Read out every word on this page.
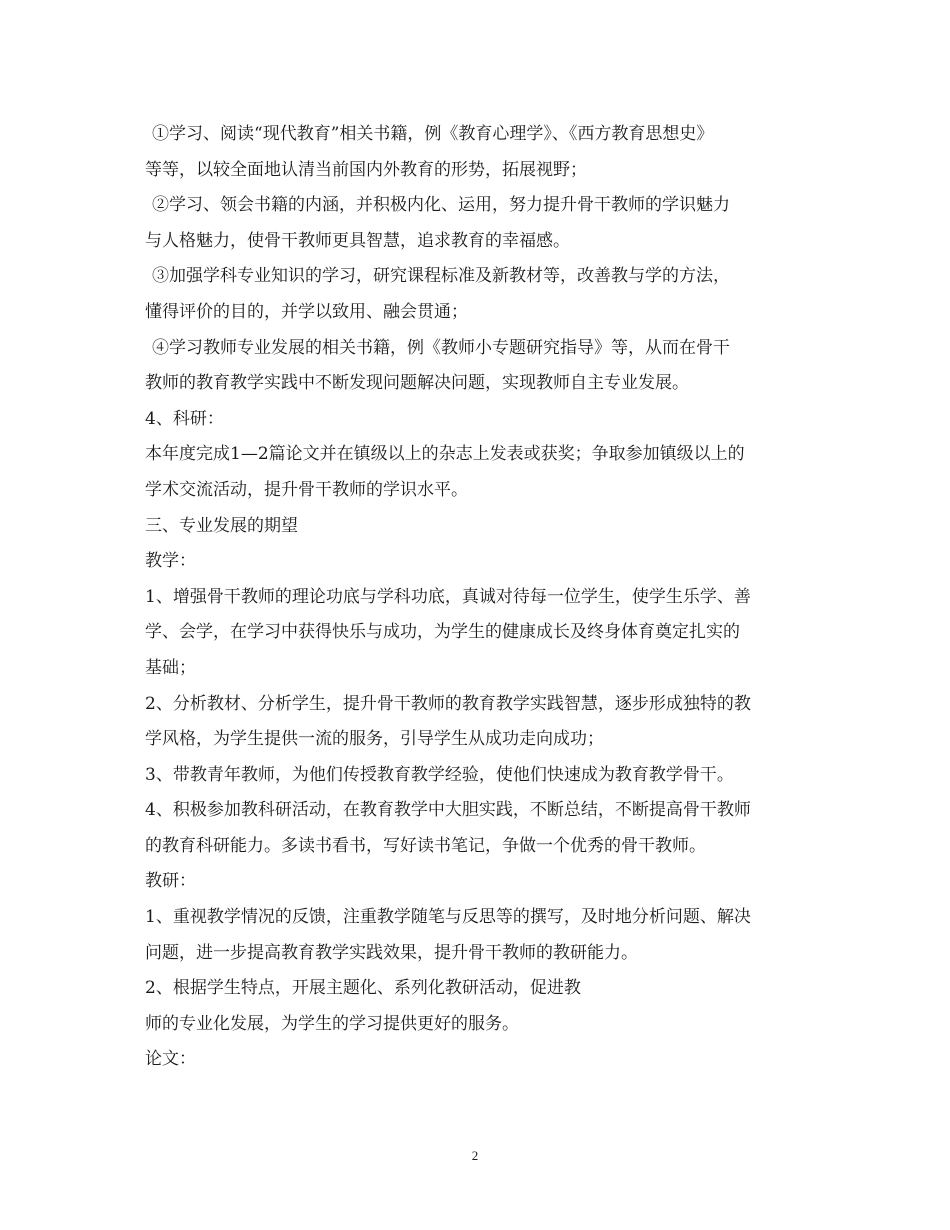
①学习、阅读“现代教育”相关书籍，例《教育心理学》、《西方教育思想史》
等等，以较全面地认清当前国内外教育的形势，拓展视野；
②学习、领会书籍的内涵，并积极内化、运用，努力提升骨干教师的学识魅力
与人格魅力，使骨干教师更具智慧，追求教育的幸福感。
③加强学科专业知识的学习，研究课程标准及新教材等，改善教与学的方法，
懂得评价的目的，并学以致用、融会贯通；
④学习教师专业发展的相关书籍，例《教师小专题研究指导》等，从而在骨干
教师的教育教学实践中不断发现问题解决问题，实现教师自主专业发展。
4、科研：
本年度完成1—2篇论文并在镇级以上的杂志上发表或获奖；争取参加镇级以上的
学术交流活动，提升骨干教师的学识水平。
三、专业发展的期望
教学：
1、增强骨干教师的理论功底与学科功底，真诚对待每一位学生，使学生乐学、善
学、会学，在学习中获得快乐与成功，为学生的健康成长及终身体育奠定扎实的
基础；
2、分析教材、分析学生，提升骨干教师的教育教学实践智慧，逐步形成独特的教
学风格，为学生提供一流的服务，引导学生从成功走向成功；
3、带教青年教师，为他们传授教育教学经验，使他们快速成为教育教学骨干。
4、积极参加教科研活动，在教育教学中大胆实践，不断总结，不断提高骨干教师
的教育科研能力。多读书看书，写好读书笔记，争做一个优秀的骨干教师。
教研：
1、重视教学情况的反馈，注重教学随笔与反思等的撰写，及时地分析问题、解决
问题，进一步提高教育教学实践效果，提升骨干教师的教研能力。
2、根据学生特点，开展主题化、系列化教研活动，促进教
师的专业化发展，为学生的学习提供更好的服务。
论文：
2
